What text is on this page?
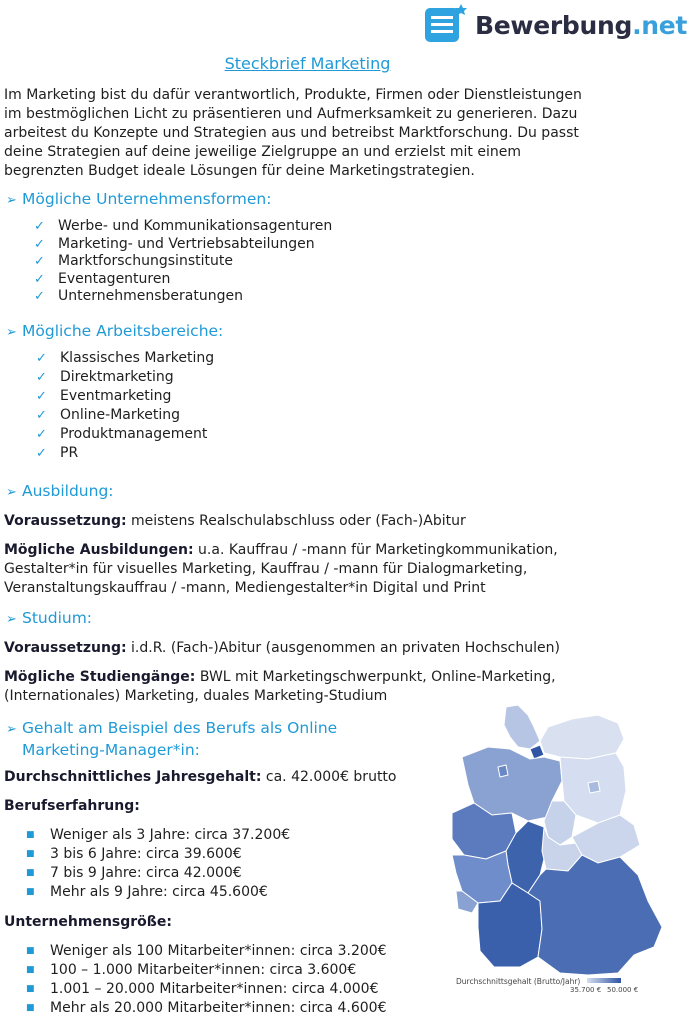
Bewerbung.net
Steckbrief Marketing
Im Marketing bist du dafür verantwortlich, Produkte, Firmen oder Dienstleistungen
im bestmöglichen Licht zu präsentieren und Aufmerksamkeit zu generieren. Dazu
arbeitest du Konzepte und Strategien aus und betreibst Marktforschung. Du passt
deine Strategien auf deine jeweilige Zielgruppe an und erzielst mit einem
begrenzten Budget ideale Lösungen für deine Marketingstrategien.
➢ Mögliche Unternehmensformen:
✓ Werbe- und Kommunikationsagenturen
✓ Marketing- und Vertriebsabteilungen
✓ Marktforschungsinstitute
✓ Eventagenturen
✓ Unternehmensberatungen
➢ Mögliche Arbeitsbereiche:
✓ Klassisches Marketing
✓ Direktmarketing
✓ Eventmarketing
✓ Online-Marketing
✓ Produktmanagement
✓ PR
➢ Ausbildung:
Voraussetzung: meistens Realschulabschluss oder (Fach-)Abitur
Mögliche Ausbildungen: u.a. Kauffrau / -mann für Marketingkommunikation,
Gestalter*in für visuelles Marketing, Kauffrau / -mann für Dialogmarketing,
Veranstaltungskauffrau / -mann, Mediengestalter*in Digital und Print
➢ Studium:
Voraussetzung: i.d.R. (Fach-)Abitur (ausgenommen an privaten Hochschulen)
Mögliche Studiengänge: BWL mit Marketingschwerpunkt, Online-Marketing,
(Internationales) Marketing, duales Marketing-Studium
➢ Gehalt am Beispiel des Berufs als Online
Marketing-Manager*in:
Durchschnittliches Jahresgehalt: ca. 42.000€ brutto
Berufserfahrung:
■ Weniger als 3 Jahre: circa 37.200€
■ 3 bis 6 Jahre: circa 39.600€
■ 7 bis 9 Jahre: circa 42.000€
■ Mehr als 9 Jahre: circa 45.600€
Unternehmensgröße:
■ Weniger als 100 Mitarbeiter*innen: circa 3.200€
■ 100 – 1.000 Mitarbeiter*innen: circa 3.600€
■ 1.001 – 20.000 Mitarbeiter*innen: circa 4.000€
■ Mehr als 20.000 Mitarbeiter*innen: circa 4.600€
Durchschnittsgehalt (Brutto/Jahr)
35.700 € 50.000 €
